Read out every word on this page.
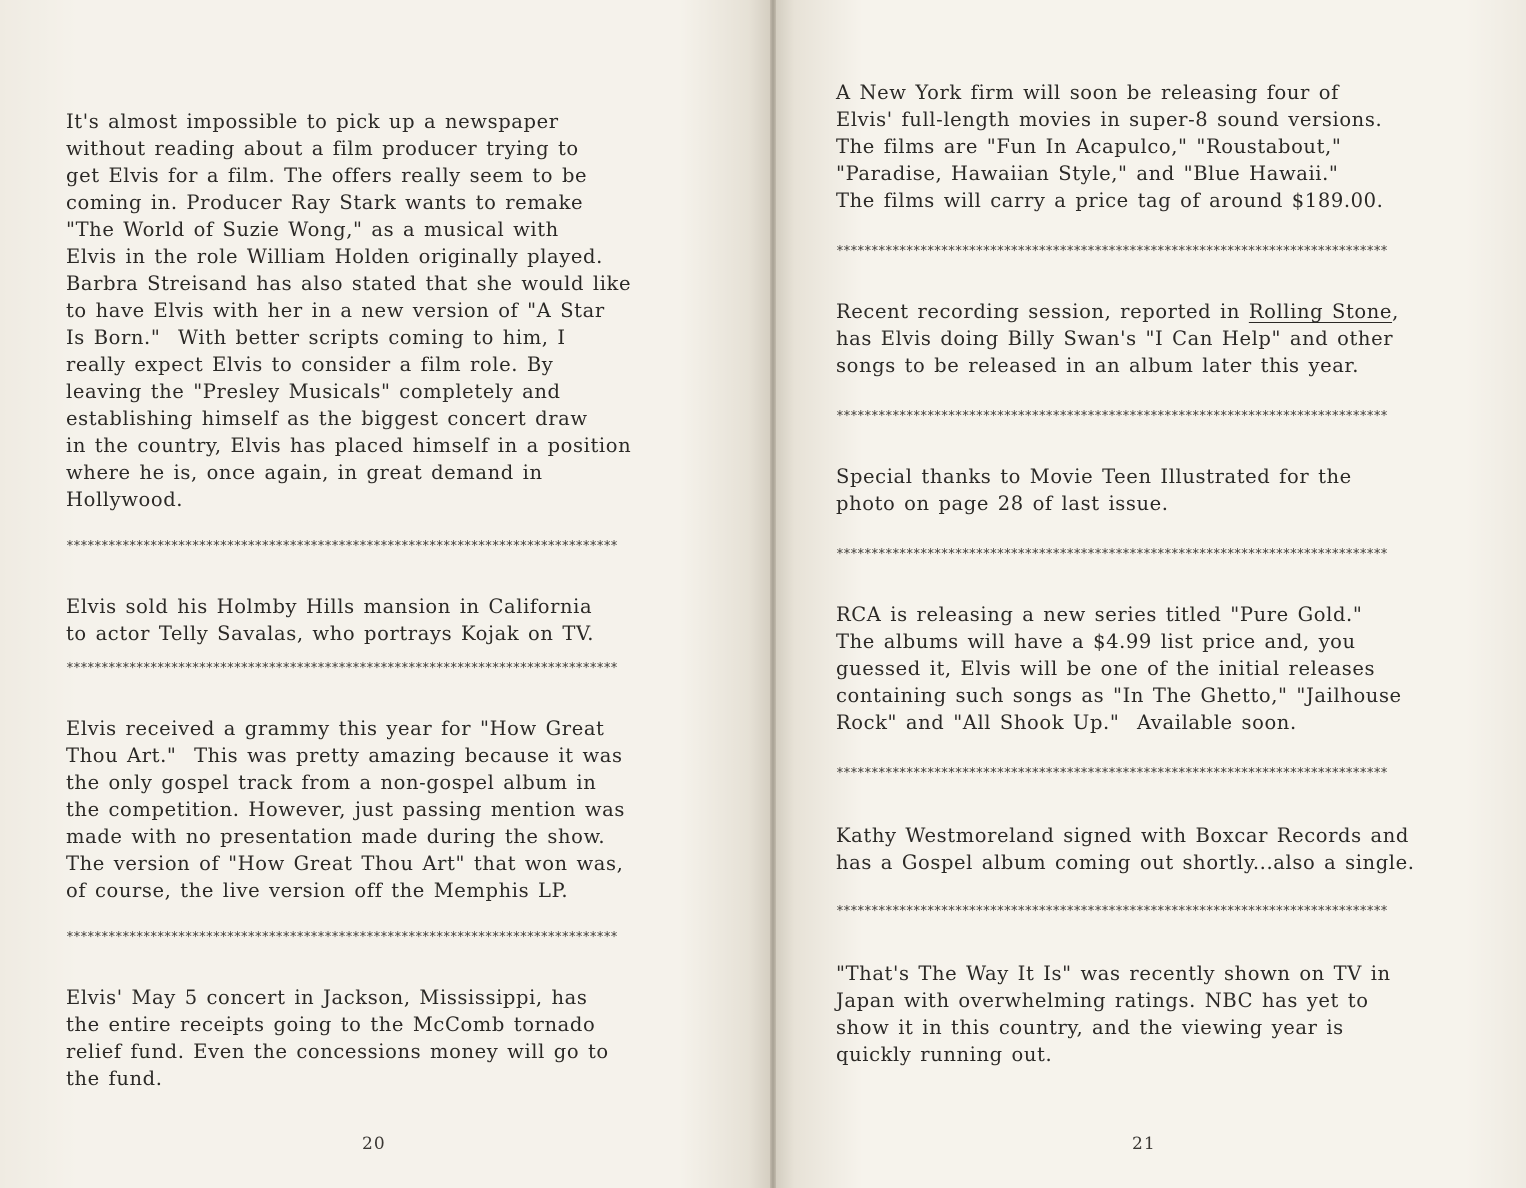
It's almost impossible to pick up a newspaper
without reading about a film producer trying to
get Elvis for a film. The offers really seem to be
coming in. Producer Ray Stark wants to remake
"The World of Suzie Wong," as a musical with
Elvis in the role William Holden originally played.
Barbra Streisand has also stated that she would like
to have Elvis with her in a new version of "A Star
Is Born."  With better scripts coming to him, I
really expect Elvis to consider a film role. By
leaving the "Presley Musicals" completely and
establishing himself as the biggest concert draw
in the country, Elvis has placed himself in a position
where he is, once again, in great demand in
Hollywood.
*******************************************************************************
Elvis sold his Holmby Hills mansion in California
to actor Telly Savalas, who portrays Kojak on TV.
*******************************************************************************
Elvis received a grammy this year for "How Great
Thou Art."  This was pretty amazing because it was
the only gospel track from a non-gospel album in
the competition. However, just passing mention was
made with no presentation made during the show.
The version of "How Great Thou Art" that won was,
of course, the live version off the Memphis LP.
*******************************************************************************
Elvis' May 5 concert in Jackson, Mississippi, has
the entire receipts going to the McComb tornado
relief fund. Even the concessions money will go to
the fund.
20
A New York firm will soon be releasing four of
Elvis' full-length movies in super-8 sound versions.
The films are "Fun In Acapulco," "Roustabout,"
"Paradise, Hawaiian Style," and "Blue Hawaii."
The films will carry a price tag of around $189.00.
*******************************************************************************
Recent recording session, reported in Rolling Stone,
has Elvis doing Billy Swan's "I Can Help" and other
songs to be released in an album later this year.
*******************************************************************************
Special thanks to Movie Teen Illustrated for the
photo on page 28 of last issue.
*******************************************************************************
RCA is releasing a new series titled "Pure Gold."
The albums will have a $4.99 list price and, you
guessed it, Elvis will be one of the initial releases
containing such songs as "In The Ghetto," "Jailhouse
Rock" and "All Shook Up."  Available soon.
*******************************************************************************
Kathy Westmoreland signed with Boxcar Records and
has a Gospel album coming out shortly...also a single.
*******************************************************************************
"That's The Way It Is" was recently shown on TV in
Japan with overwhelming ratings. NBC has yet to
show it in this country, and the viewing year is
quickly running out.
21
